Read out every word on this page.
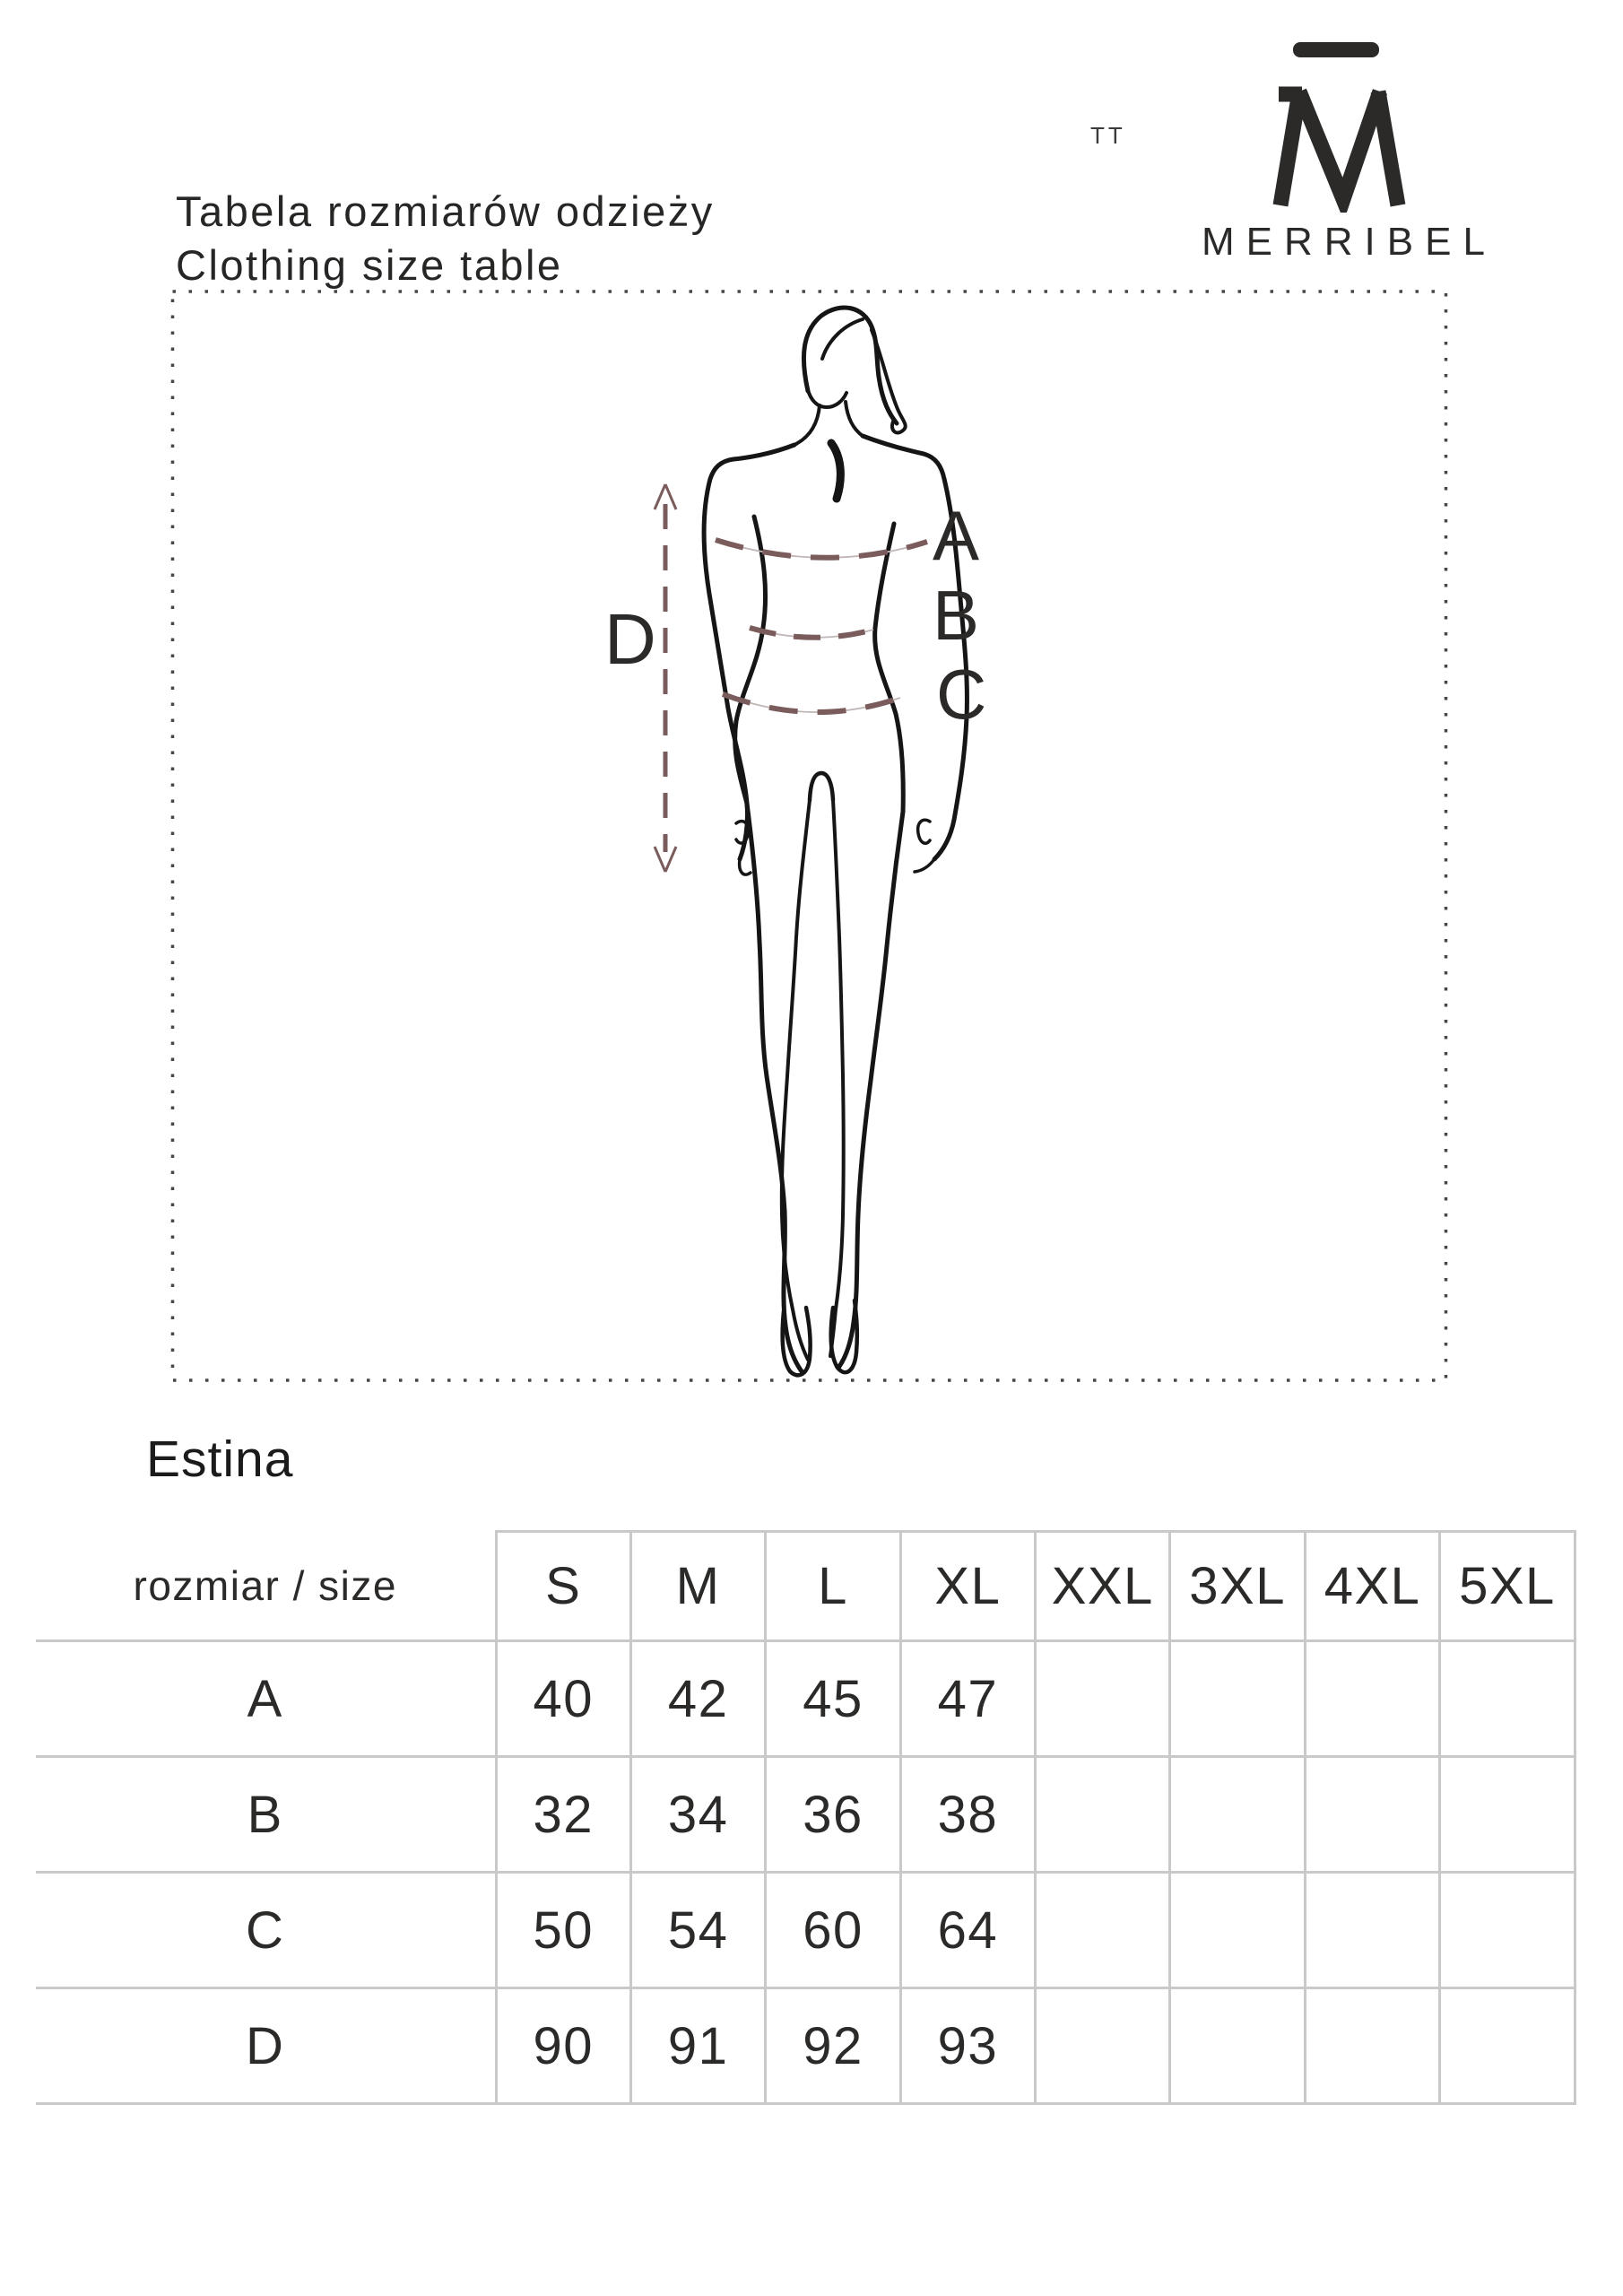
Tabela rozmiarów odzieży
Clothing size table
TT
MERRIBEL
A
B
C
D
Estina
rozmiar / size	S	M	L	XL	XXL	3XL	4XL	5XL
A	40	42	45	47				
B	32	34	36	38				
C	50	54	60	64				
D	90	91	92	93				
